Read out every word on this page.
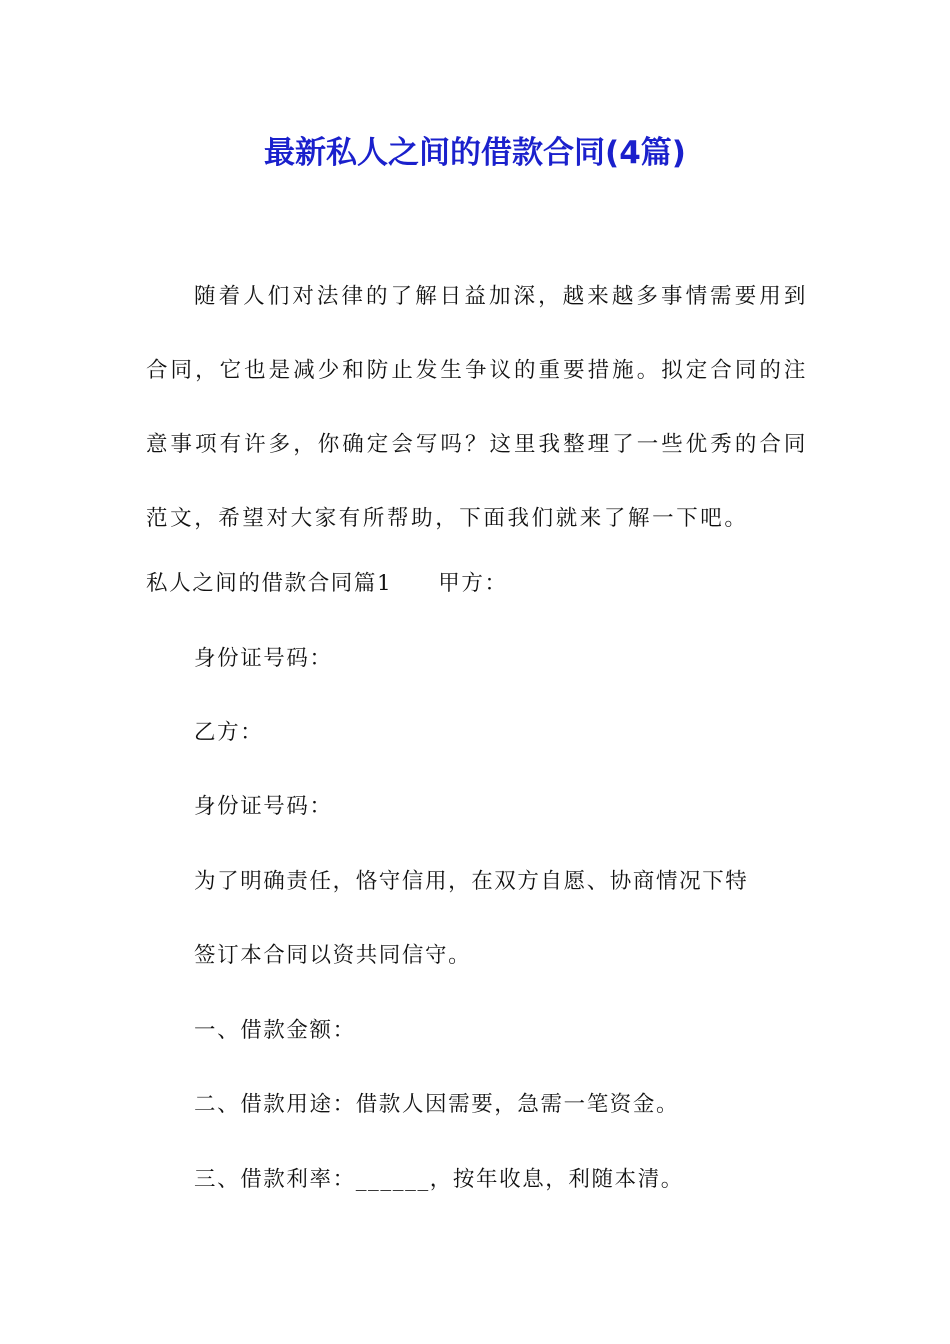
最新私人之间的借款合同(4篇)

随着人们对法律的了解日益加深，越来越多事情需要用到合同，它也是减少和防止发生争议的重要措施。拟定合同的注意事项有许多，你确定会写吗？这里我整理了一些优秀的合同范文，希望对大家有所帮助，下面我们就来了解一下吧。

私人之间的借款合同篇1 甲方：
身份证号码：
乙方：
身份证号码：
为了明确责任，恪守信用，在双方自愿、协商情况下特
签订本合同以资共同信守。
一、借款金额：
二、借款用途：借款人因需要，急需一笔资金。
三、借款利率：______，按年收息，利随本清。
